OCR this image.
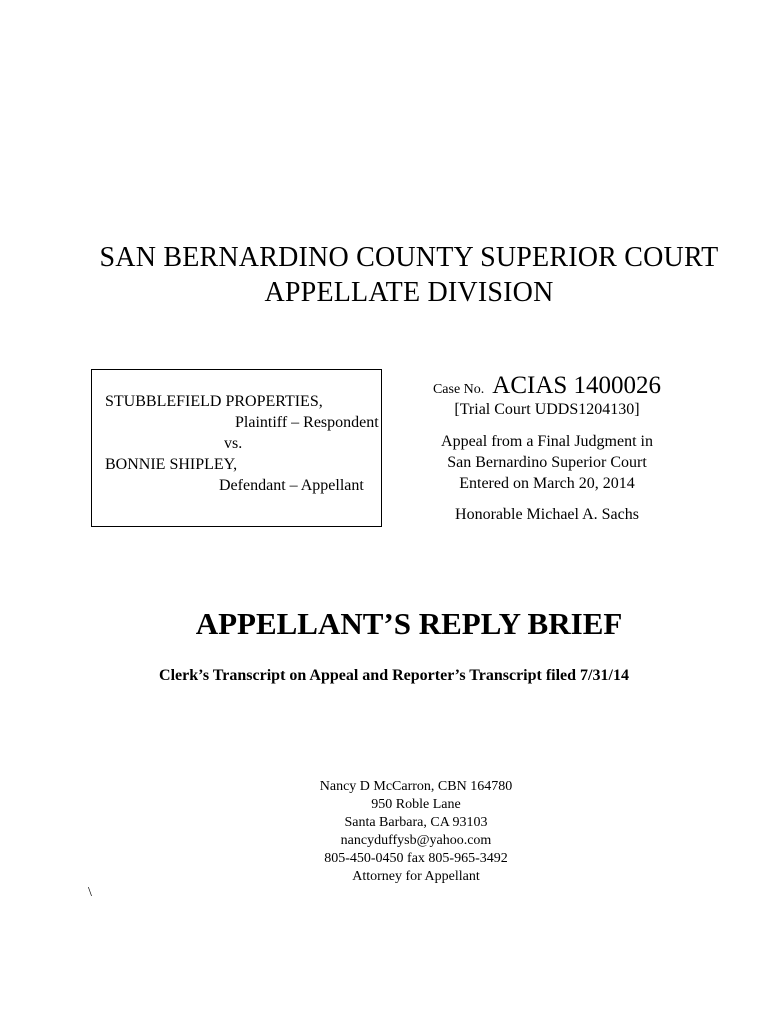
SAN BERNARDINO COUNTY SUPERIOR COURT
APPELLATE DIVISION
STUBBLEFIELD PROPERTIES,
Plaintiff – Respondent
vs.
BONNIE SHIPLEY,
Defendant – Appellant
Case No. ACIAS 1400026
[Trial Court UDDS1204130]
Appeal from a Final Judgment in
San Bernardino Superior Court
Entered on March 20, 2014
Honorable Michael A. Sachs
APPELLANT’S REPLY BRIEF
Clerk’s Transcript on Appeal and Reporter’s Transcript filed 7/31/14
Nancy D McCarron, CBN 164780
950 Roble Lane
Santa Barbara, CA 93103
nancyduffysb@yahoo.com
805-450-0450 fax 805-965-3492
Attorney for Appellant
\
